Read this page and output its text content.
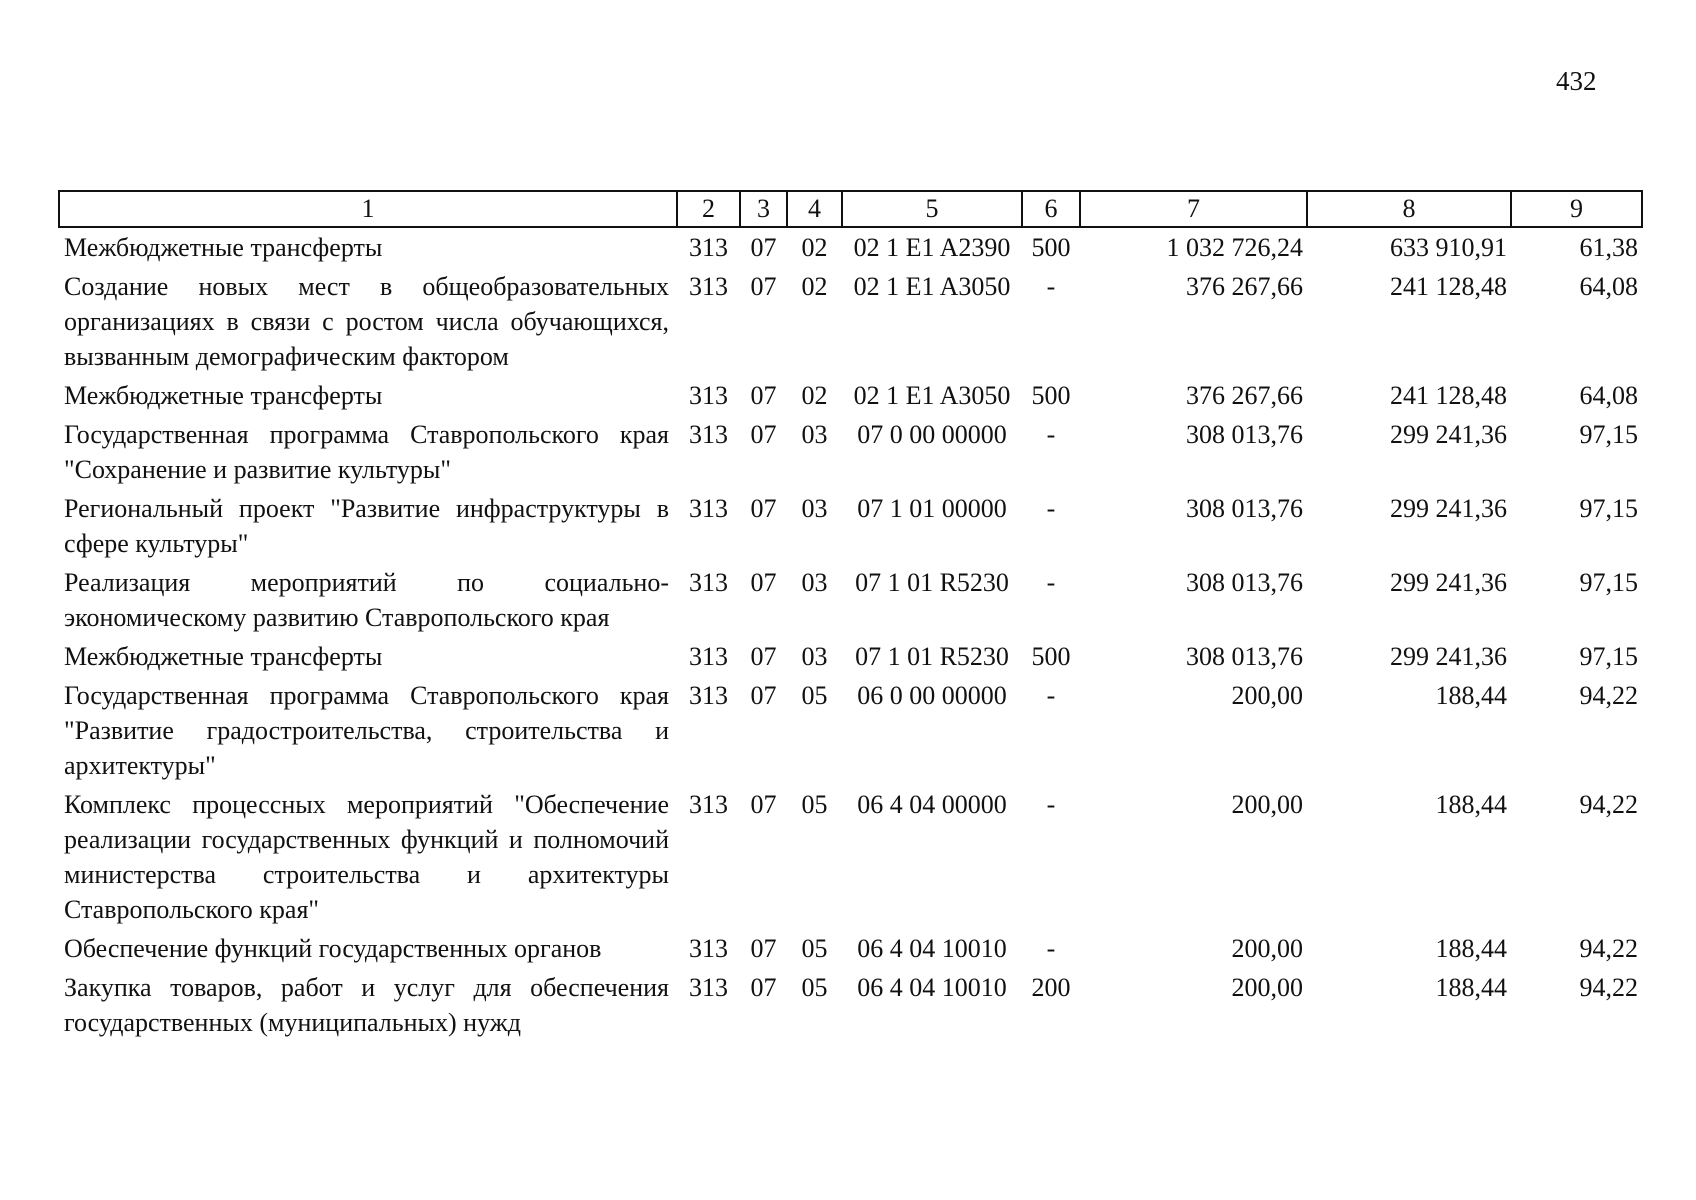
432
1	2	3	4	5	6	7	8	9
Межбюджетные трансферты	313	07	02	02 1 E1 A2390	500	1 032 726,24	633 910,91	61,38
Создание новых мест в общеобразовательных организациях в связи с ростом числа обучающихся, вызванным демографическим фактором	313	07	02	02 1 E1 A3050	-	376 267,66	241 128,48	64,08
Межбюджетные трансферты	313	07	02	02 1 E1 A3050	500	376 267,66	241 128,48	64,08
Государственная программа Ставропольского края "Сохранение и развитие культуры"	313	07	03	07 0 00 00000	-	308 013,76	299 241,36	97,15
Региональный проект "Развитие инфраструктуры в сфере культуры"	313	07	03	07 1 01 00000	-	308 013,76	299 241,36	97,15
Реализация мероприятий по социально-экономическому развитию Ставропольского края	313	07	03	07 1 01 R5230	-	308 013,76	299 241,36	97,15
Межбюджетные трансферты	313	07	03	07 1 01 R5230	500	308 013,76	299 241,36	97,15
Государственная программа Ставропольского края "Развитие градостроительства, строительства и архитектуры"	313	07	05	06 0 00 00000	-	200,00	188,44	94,22
Комплекс процессных мероприятий "Обеспечение реализации государственных функций и полномочий министерства строительства и архитектуры Ставропольского края"	313	07	05	06 4 04 00000	-	200,00	188,44	94,22
Обеспечение функций государственных органов	313	07	05	06 4 04 10010	-	200,00	188,44	94,22
Закупка товаров, работ и услуг для обеспечения государственных (муниципальных) нужд	313	07	05	06 4 04 10010	200	200,00	188,44	94,22
